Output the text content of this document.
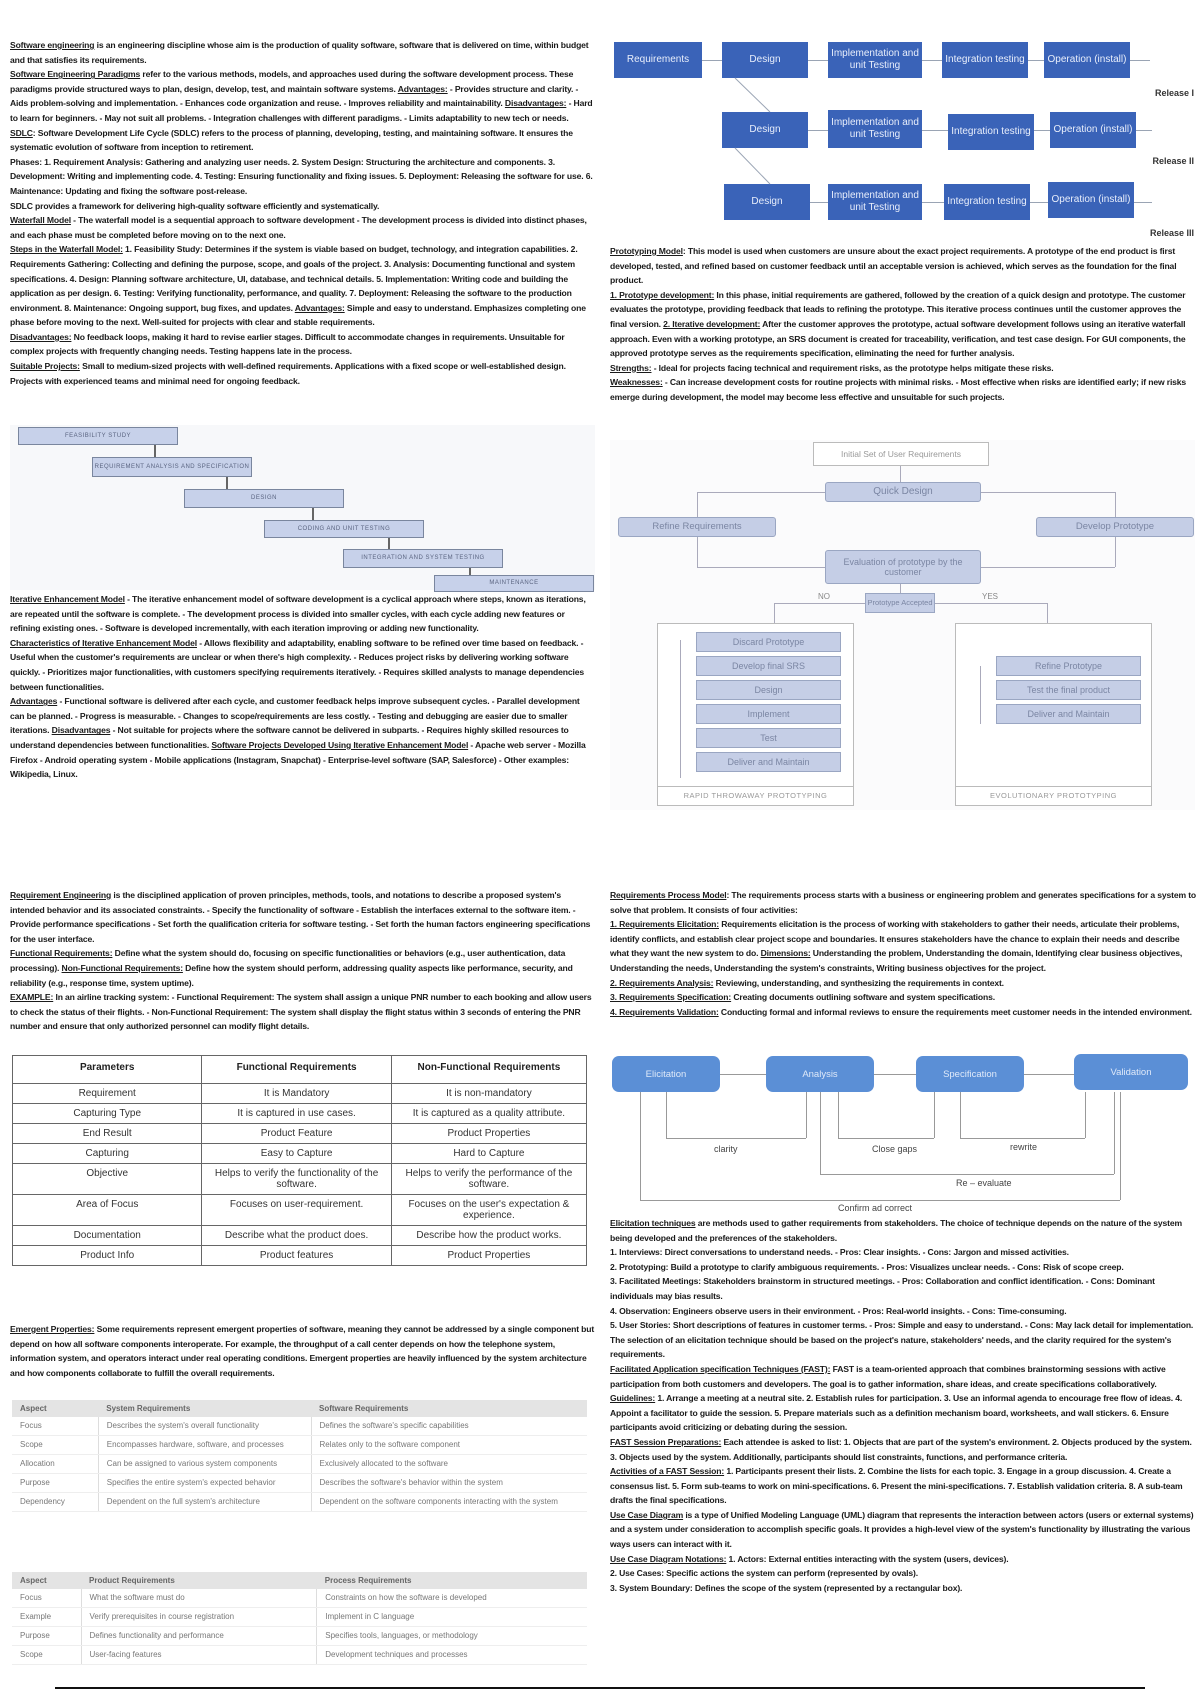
Software engineering is an engineering discipline whose aim is the production of quality software, software that is delivered on time, within budget and that satisfies its requirements.
Software Engineering Paradigms refer to the various methods, models, and approaches used during the software development process. These paradigms provide structured ways to plan, design, develop, test, and maintain software systems. Advantages: - Provides structure and clarity. - Aids problem-solving and implementation. - Enhances code organization and reuse. - Improves reliability and maintainability. Disadvantages: - Hard to learn for beginners. - May not suit all problems. - Integration challenges with different paradigms. - Limits adaptability to new tech or needs.
SDLC: Software Development Life Cycle (SDLC) refers to the process of planning, developing, testing, and maintaining software. It ensures the systematic evolution of software from inception to retirement.
Phases: 1. Requirement Analysis: Gathering and analyzing user needs. 2. System Design: Structuring the architecture and components. 3. Development: Writing and implementing code. 4. Testing: Ensuring functionality and fixing issues. 5. Deployment: Releasing the software for use. 6. Maintenance: Updating and fixing the software post-release.
SDLC provides a framework for delivering high-quality software efficiently and systematically.
Waterfall Model - The waterfall model is a sequential approach to software development - The development process is divided into distinct phases, and each phase must be completed before moving on to the next one.
Steps in the Waterfall Model: 1. Feasibility Study: Determines if the system is viable based on budget, technology, and integration capabilities. 2. Requirements Gathering: Collecting and defining the purpose, scope, and goals of the project. 3. Analysis: Documenting functional and system specifications. 4. Design: Planning software architecture, UI, database, and technical details. 5. Implementation: Writing code and building the application as per design. 6. Testing: Verifying functionality, performance, and quality. 7. Deployment: Releasing the software to the production environment. 8. Maintenance: Ongoing support, bug fixes, and updates. Advantages: Simple and easy to understand. Emphasizes completing one phase before moving to the next. Well-suited for projects with clear and stable requirements.
Disadvantages: No feedback loops, making it hard to revise earlier stages. Difficult to accommodate changes in requirements. Unsuitable for complex projects with frequently changing needs. Testing happens late in the process.
Suitable Projects: Small to medium-sized projects with well-defined requirements. Applications with a fixed scope or well-established design. Projects with experienced teams and minimal need for ongoing feedback.
FEASIBILITY STUDY
REQUIREMENT ANALYSIS AND SPECIFICATION
DESIGN
CODING AND UNIT TESTING
INTEGRATION AND SYSTEM TESTING
MAINTENANCE
Iterative Enhancement Model - The iterative enhancement model of software development is a cyclical approach where steps, known as iterations, are repeated until the software is complete. - The development process is divided into smaller cycles, with each cycle adding new features or refining existing ones. - Software is developed incrementally, with each iteration improving or adding new functionality.
Characteristics of Iterative Enhancement Model - Allows flexibility and adaptability, enabling software to be refined over time based on feedback. - Useful when the customer's requirements are unclear or when there's high complexity. - Reduces project risks by delivering working software quickly. - Prioritizes major functionalities, with customers specifying requirements iteratively. - Requires skilled analysts to manage dependencies between functionalities.
Advantages - Functional software is delivered after each cycle, and customer feedback helps improve subsequent cycles. - Parallel development can be planned. - Progress is measurable. - Changes to scope/requirements are less costly. - Testing and debugging are easier due to smaller iterations. Disadvantages - Not suitable for projects where the software cannot be delivered in subparts. - Requires highly skilled resources to understand dependencies between functionalities. Software Projects Developed Using Iterative Enhancement Model - Apache web server - Mozilla Firefox - Android operating system - Mobile applications (Instagram, Snapchat) - Enterprise-level software (SAP, Salesforce) - Other examples: Wikipedia, Linux.
Requirements	Design
Implementation and unit Testing
Integration testing	Operation (install)
Release I
Design
Implementation and unit Testing	Integration testing	Operation (install)
Release II
Design
Implementation and unit Testing
Integration testing	Operation (install)
Release III
Prototyping Model: This model is used when customers are unsure about the exact project requirements. A prototype of the end product is first developed, tested, and refined based on customer feedback until an acceptable version is achieved, which serves as the foundation for the final product.
1. Prototype development: In this phase, initial requirements are gathered, followed by the creation of a quick design and prototype. The customer evaluates the prototype, providing feedback that leads to refining the prototype. This iterative process continues until the customer approves the final version. 2. Iterative development: After the customer approves the prototype, actual software development follows using an iterative waterfall approach. Even with a working prototype, an SRS document is created for traceability, verification, and test case design. For GUI components, the approved prototype serves as the requirements specification, eliminating the need for further analysis.
Strengths: - Ideal for projects facing technical and requirement risks, as the prototype helps mitigate these risks.
Weaknesses: - Can increase development costs for routine projects with minimal risks. - Most effective when risks are identified early; if new risks emerge during development, the model may become less effective and unsuitable for such projects.
Initial Set of User Requirements
Quick Design
Refine Requirements	Develop Prototype
Evaluation of prototype by the customer
Prototype Accepted
NO	YES
Discard Prototype
Develop final SRS
Design
Implement
Test
Deliver and Maintain
Refine Prototype
Test the final product
Deliver and Maintain
RAPID THROWAWAY PROTOTYPING	EVOLUTIONARY PROTOTYPING
Requirement Engineering is the disciplined application of proven principles, methods, tools, and notations to describe a proposed system's intended behavior and its associated constraints. - Specify the functionality of software - Establish the interfaces external to the software item. - Provide performance specifications - Set forth the qualification criteria for software testing. - Set forth the human factors engineering specifications for the user interface.
Functional Requirements: Define what the system should do, focusing on specific functionalities or behaviors (e.g., user authentication, data processing). Non-Functional Requirements: Define how the system should perform, addressing quality aspects like performance, security, and reliability (e.g., response time, system uptime).
EXAMPLE: In an airline tracking system: - Functional Requirement: The system shall assign a unique PNR number to each booking and allow users to check the status of their flights. - Non-Functional Requirement: The system shall display the flight status within 3 seconds of entering the PNR number and ensure that only authorized personnel can modify flight details.
Parameters	Functional Requirements	Non-Functional Requirements
Requirement	It is Mandatory	It is non-mandatory
Capturing Type	It is captured in use cases.	It is captured as a quality attribute.
End Result	Product Feature	Product Properties
Capturing	Easy to Capture	Hard to Capture
Objective	Helps to verify the functionality of the software.	Helps to verify the performance of the software.
Area of Focus	Focuses on user-requirement.	Focuses on the user's expectation & experience.
Documentation	Describe what the product does.	Describe how the product works.
Product Info	Product features	Product Properties
Emergent Properties: Some requirements represent emergent properties of software, meaning they cannot be addressed by a single component but depend on how all software components interoperate. For example, the throughput of a call center depends on how the telephone system, information system, and operators interact under real operating conditions. Emergent properties are heavily influenced by the system architecture and how components collaborate to fulfill the overall requirements.
Aspect	System Requirements	Software Requirements
Focus	Describes the system's overall functionality	Defines the software's specific capabilities
Scope	Encompasses hardware, software, and processes	Relates only to the software component
Allocation	Can be assigned to various system components	Exclusively allocated to the software
Purpose	Specifies the entire system's expected behavior	Describes the software's behavior within the system
Dependency	Dependent on the full system's architecture	Dependent on the software components interacting with the system
Aspect	Product Requirements	Process Requirements
Focus	What the software must do	Constraints on how the software is developed
Example	Verify prerequisites in course registration	Implement in C language
Purpose	Defines functionality and performance	Specifies tools, languages, or methodology
Scope	User-facing features	Development techniques and processes
Requirements Process Model: The requirements process starts with a business or engineering problem and generates specifications for a system to solve that problem. It consists of four activities:
1. Requirements Elicitation: Requirements elicitation is the process of working with stakeholders to gather their needs, articulate their problems, identify conflicts, and establish clear project scope and boundaries. It ensures stakeholders have the chance to explain their needs and describe what they want the new system to do. Dimensions: Understanding the problem, Understanding the domain, Identifying clear business objectives, Understanding the needs, Understanding the system's constraints, Writing business objectives for the project.
2. Requirements Analysis: Reviewing, understanding, and synthesizing the requirements in context.
3. Requirements Specification: Creating documents outlining software and system specifications.
4. Requirements Validation: Conducting formal and informal reviews to ensure the requirements meet customer needs in the intended environment.
Elicitation	Analysis	Specification	Validation
clarity	Close gaps	rewrite
Re – evaluate
Confirm ad correct
Elicitation techniques are methods used to gather requirements from stakeholders. The choice of technique depends on the nature of the system being developed and the preferences of the stakeholders.
1. Interviews: Direct conversations to understand needs. - Pros: Clear insights. - Cons: Jargon and missed activities.
2. Prototyping: Build a prototype to clarify ambiguous requirements. - Pros: Visualizes unclear needs. - Cons: Risk of scope creep.
3. Facilitated Meetings: Stakeholders brainstorm in structured meetings. - Pros: Collaboration and conflict identification. - Cons: Dominant individuals may bias results.
4. Observation: Engineers observe users in their environment. - Pros: Real-world insights. - Cons: Time-consuming.
5. User Stories: Short descriptions of features in customer terms. - Pros: Simple and easy to understand. - Cons: May lack detail for implementation.
The selection of an elicitation technique should be based on the project's nature, stakeholders' needs, and the clarity required for the system's requirements.
Facilitated Application specification Techniques (FAST): FAST is a team-oriented approach that combines brainstorming sessions with active participation from both customers and developers. The goal is to gather information, share ideas, and create specifications collaboratively.
Guidelines: 1. Arrange a meeting at a neutral site. 2. Establish rules for participation. 3. Use an informal agenda to encourage free flow of ideas. 4. Appoint a facilitator to guide the session. 5. Prepare materials such as a definition mechanism board, worksheets, and wall stickers. 6. Ensure participants avoid criticizing or debating during the session.
FAST Session Preparations: Each attendee is asked to list: 1. Objects that are part of the system's environment. 2. Objects produced by the system. 3. Objects used by the system. Additionally, participants should list constraints, functions, and performance criteria.
Activities of a FAST Session: 1. Participants present their lists. 2. Combine the lists for each topic. 3. Engage in a group discussion. 4. Create a consensus list. 5. Form sub-teams to work on mini-specifications. 6. Present the mini-specifications. 7. Establish validation criteria. 8. A sub-team drafts the final specifications.
Use Case Diagram is a type of Unified Modeling Language (UML) diagram that represents the interaction between actors (users or external systems) and a system under consideration to accomplish specific goals. It provides a high-level view of the system's functionality by illustrating the various ways users can interact with it.
Use Case Diagram Notations: 1. Actors: External entities interacting with the system (users, devices).
2. Use Cases: Specific actions the system can perform (represented by ovals).
3. System Boundary: Defines the scope of the system (represented by a rectangular box).
